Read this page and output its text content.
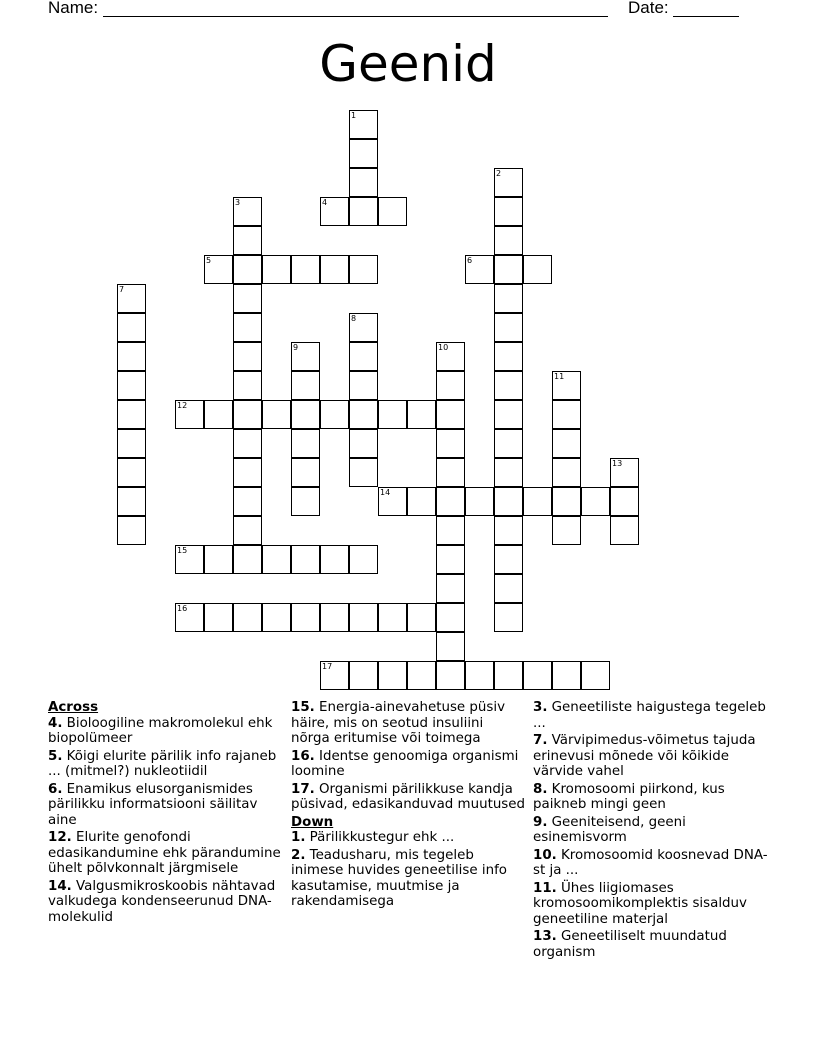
Name:	Date:
Geenid
1
2
3	4
5	6
7
8
9	10
11
12
13
14
15
16
17
Across
4. Bioloogiline makromolekul ehk biopolümeer
5. Kõigi elurite pärilik info rajaneb ... (mitmel?) nukleotiidil
6. Enamikus elusorganismides pärilikku informatsiooni säilitav aine
12. Elurite genofondi edasikandumine ehk pärandumine ühelt põlvkonnalt järgmisele
14. Valgusmikroskoobis nähtavad valkudega kondenseerunud DNA-molekulid
15. Energia-ainevahetuse püsiv häire, mis on seotud insuliini nõrga eritumise või toimega
16. Identse genoomiga organismi loomine
17. Organismi pärilikkuse kandja püsivad, edasikanduvad muutused
Down
1. Pärilikkustegur ehk ...
2. Teadusharu, mis tegeleb inimese huvides geneetilise info kasutamise, muutmise ja rakendamisega
3. Geneetiliste haigustega tegeleb ...
7. Värvipimedus-võimetus tajuda erinevusi mõnede või kõikide värvide vahel
8. Kromosoomi piirkond, kus paikneb mingi geen
9. Geeniteisend, geeni esinemisvorm
10. Kromosoomid koosnevad DNA-st ja ...
11. Ühes liigiomases kromosoomikomplektis sisalduv geneetiline materjal
13. Geneetiliselt muundatud organism
